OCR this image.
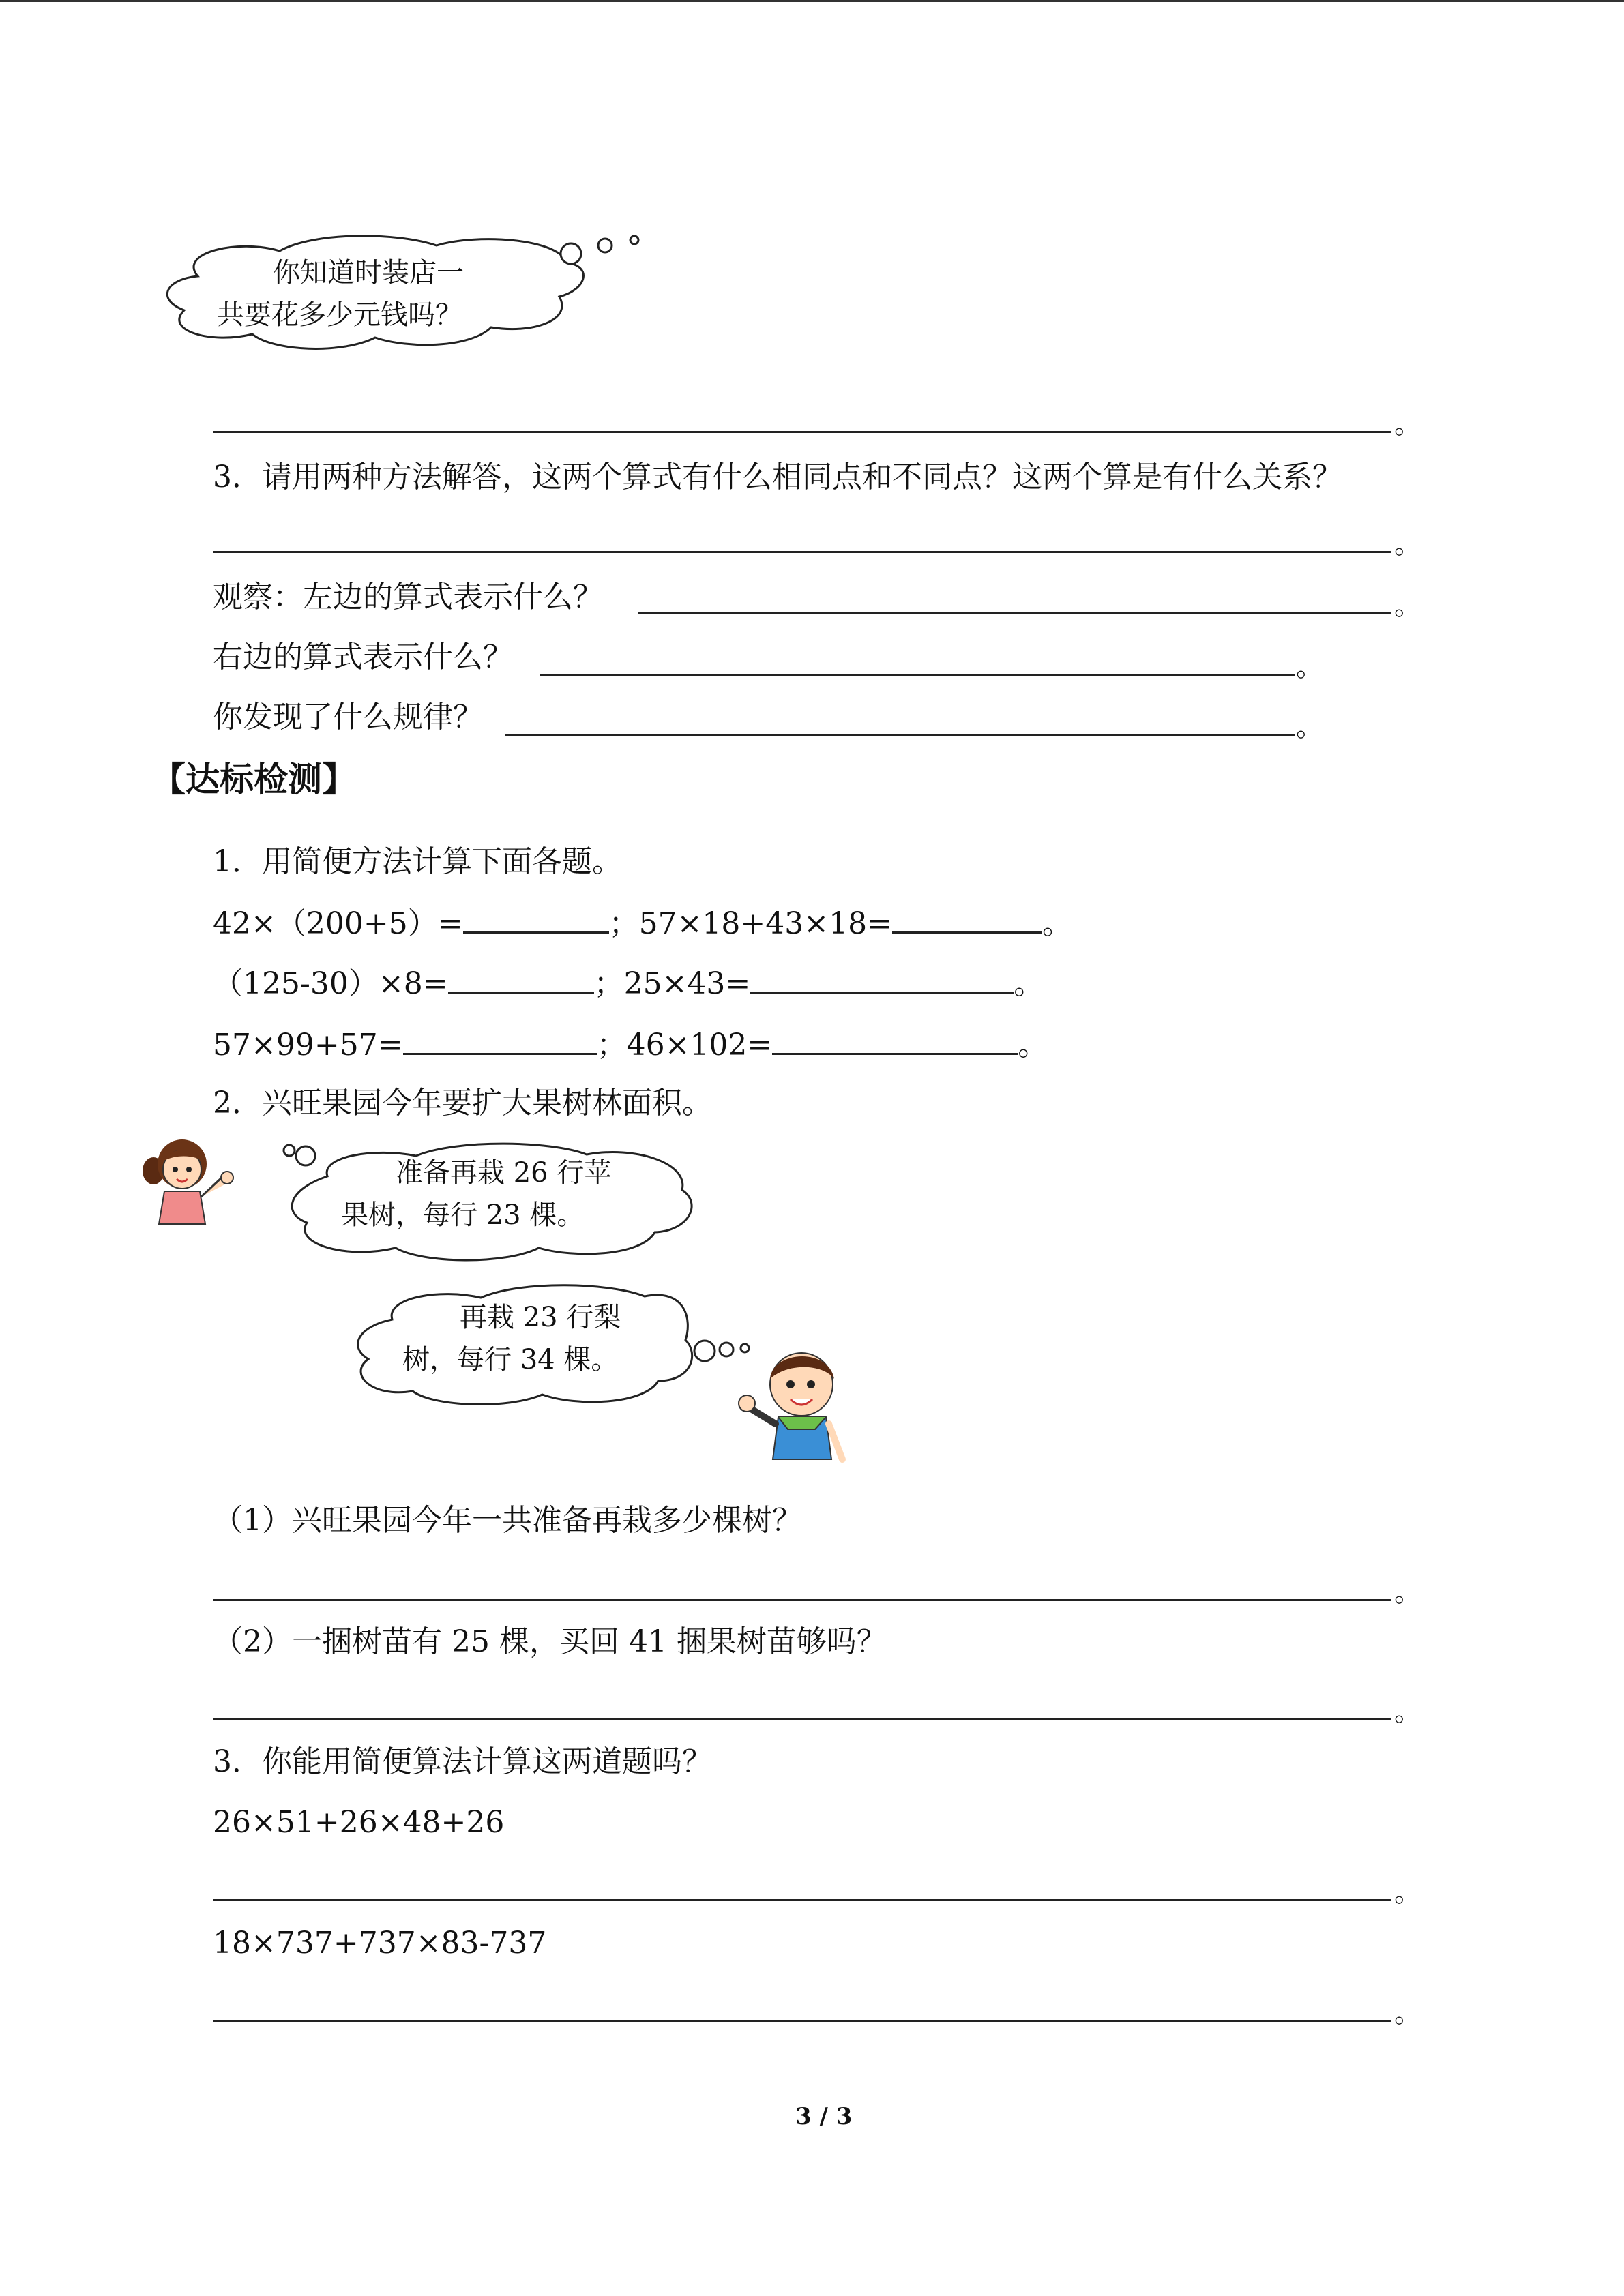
你知道时装店一
共要花多少元钱吗？
。
3．请用两种方法解答，这两个算式有什么相同点和不同点？这两个算是有什么关系？
。
观察：左边的算式表示什么？	。
右边的算式表示什么？	。
你发现了什么规律？	。
【达标检测】
1．用简便方法计算下面各题。
42×（200+5）=	；57×18+43×18=	。
（125-30）×8=	；25×43=	。
57×99+57=	；46×102=	。
2．兴旺果园今年要扩大果树林面积。
准备再栽 26 行苹
果树，每行 23 棵。
再栽 23 行梨
树，每行 34 棵。
（1）兴旺果园今年一共准备再栽多少棵树？
。
（2）一捆树苗有 25 棵，买回 41 捆果树苗够吗？
。
3．你能用简便算法计算这两道题吗？
26×51+26×48+26
。
18×737+737×83-737
。
3 / 3
